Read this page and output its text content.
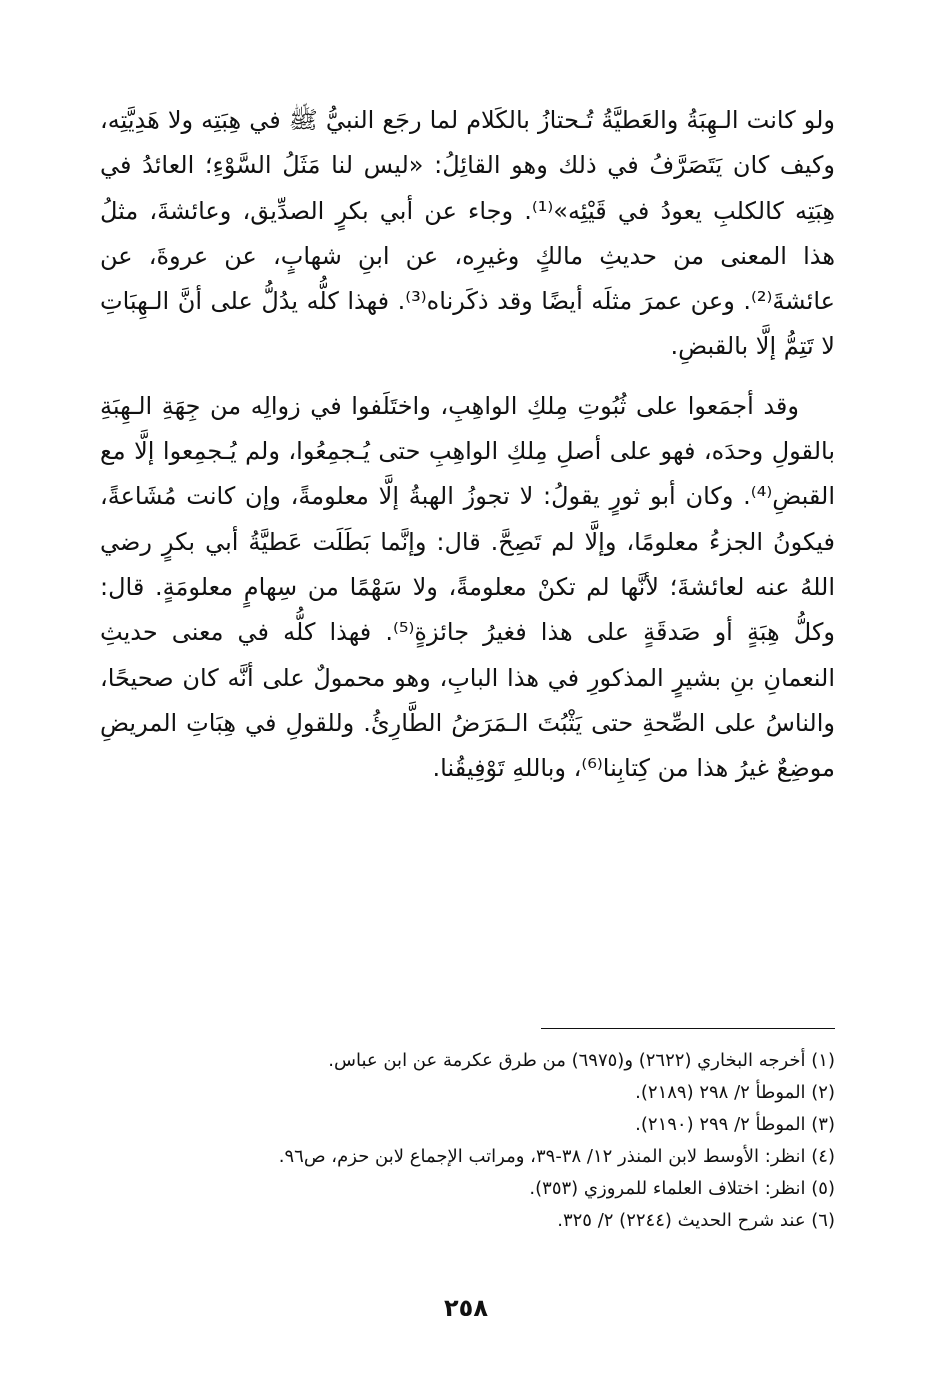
ولو كانت الـهِبَةُ والعَطيَّةُ تُـحتازُ بالكَلام لما رجَع النبيُّ ﷺ في هِبَتِه ولا هَدِيَّتِه، وكيف كان يَتَصَرَّفُ في ذلك وهو القائِلُ: «ليس لنا مَثَلُ السَّوْءِ؛ العائدُ في هِبَتِه كالكلبِ يعودُ في قَيْئِه»⁽¹⁾. وجاء عن أبي بكرٍ الصدِّيق، وعائشةَ، مثلُ هذا المعنى من حديثِ مالكٍ وغيرِه، عن ابنِ شهابٍ، عن عروةَ، عن عائشةَ⁽²⁾. وعن عمرَ مثلَه أيضًا وقد ذكَرناه⁽³⁾. فهذا كلُّه يدُلُّ على أنَّ الـهِبَاتِ لا تَتِمُّ إلَّا بالقبضِ.

وقد أجمَعوا على ثُبُوتِ مِلكِ الواهِبِ، واختَلَفوا في زوالِه من جِهَةِ الـهِبَةِ بالقولِ وحدَه، فهو على أصلِ مِلكِ الواهِبِ حتى يُـجمِعُوا، ولم يُـجمِعوا إلَّا مع القبضِ⁽⁴⁾. وكان أبو ثورٍ يقولُ: لا تجوزُ الهبةُ إلَّا معلومةً، وإن كانت مُشَاعةً، فيكونُ الجزءُ معلومًا، وإلَّا لم تَصِحَّ. قال: وإنَّما بَطَلَت عَطيَّةُ أبي بكرٍ رضي اللهُ عنه لعائشةَ؛ لأنَّها لم تكنْ معلومةً، ولا سَهْمًا من سِهامٍ معلومَةٍ. قال: وكلُّ هِبَةٍ أو صَدقَةٍ على هذا فغيرُ جائزةٍ⁽⁵⁾. فهذا كلُّه في معنى حديثِ النعمانِ بنِ بشيرٍ المذكورِ في هذا البابِ، وهو محمولٌ على أنَّه كان صحيحًا، والناسُ على الصِّحةِ حتى يَثْبُتَ الـمَرَضُ الطَّارِئُ. وللقولِ في هِبَاتِ المريضِ موضِعٌ غيرُ هذا من كِتابِنا⁽⁶⁾، وباللهِ تَوْفِيقُنا.

(١) أخرجه البخاري (٢٦٢٢) و(٦٩٧٥) من طرق عكرمة عن ابن عباس.
(٢) الموطأ ٢/ ٢٩٨ (٢١٨٩).
(٣) الموطأ ٢/ ٢٩٩ (٢١٩٠).
(٤) انظر: الأوسط لابن المنذر ١٢/ ٣٨-٣٩، ومراتب الإجماع لابن حزم، ص٩٦.
(٥) انظر: اختلاف العلماء للمروزي (٣٥٣).
(٦) عند شرح الحديث (٢٢٤٤) ٢/ ٣٢٥.
٢٥٨
